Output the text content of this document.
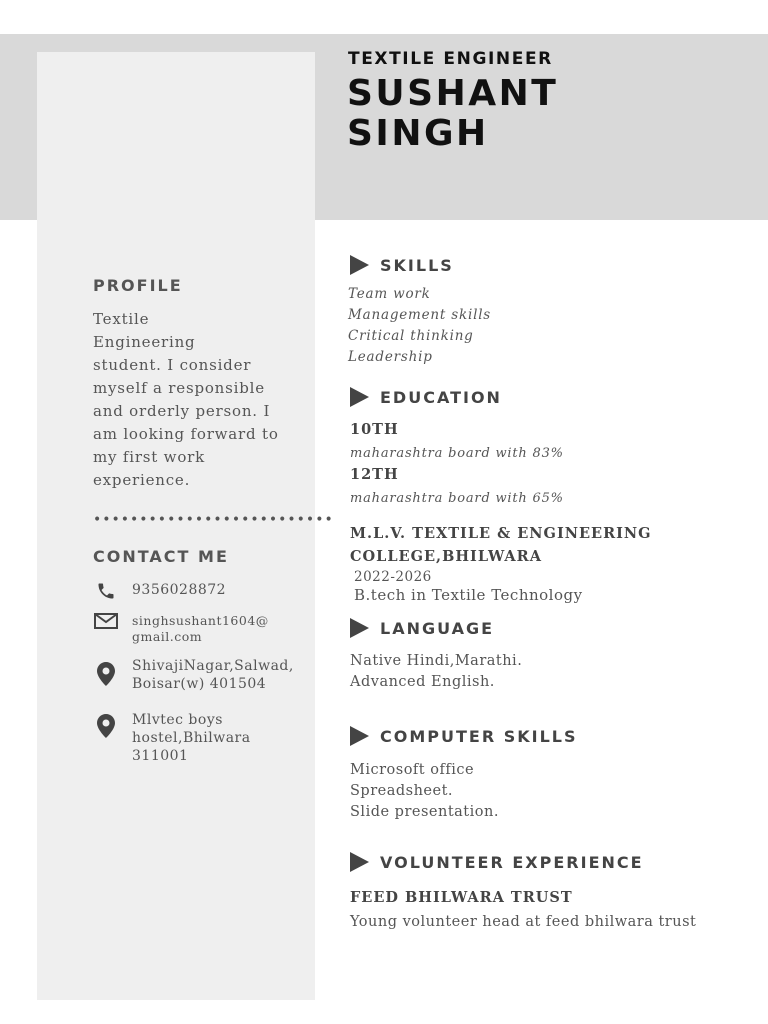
TEXTILE ENGINEER
SUSHANT
SINGH
PROFILE
Textile
Engineering
student. I consider myself a responsible and orderly person. I am looking forward to my first work experience.
••••••••••••••••••••••••••
CONTACT ME
9356028872
singhsushant1604@
gmail.com
ShivajiNagar,Salwad,
Boisar(w) 401504
Mlvtec boys
hostel,Bhilwara
311001
SKILLS
Team work
Management skills
Critical thinking
Leadership
EDUCATION
10TH
maharashtra board with 83%
12TH
maharashtra board with 65%
M.L.V. TEXTILE & ENGINEERING
COLLEGE,BHILWARA
2022-2026
B.tech in Textile Technology
LANGUAGE
Native Hindi,Marathi.
Advanced English.
COMPUTER SKILLS
Microsoft office
Spreadsheet.
Slide presentation.
VOLUNTEER EXPERIENCE
FEED BHILWARA TRUST
Young volunteer head at feed bhilwara trust
